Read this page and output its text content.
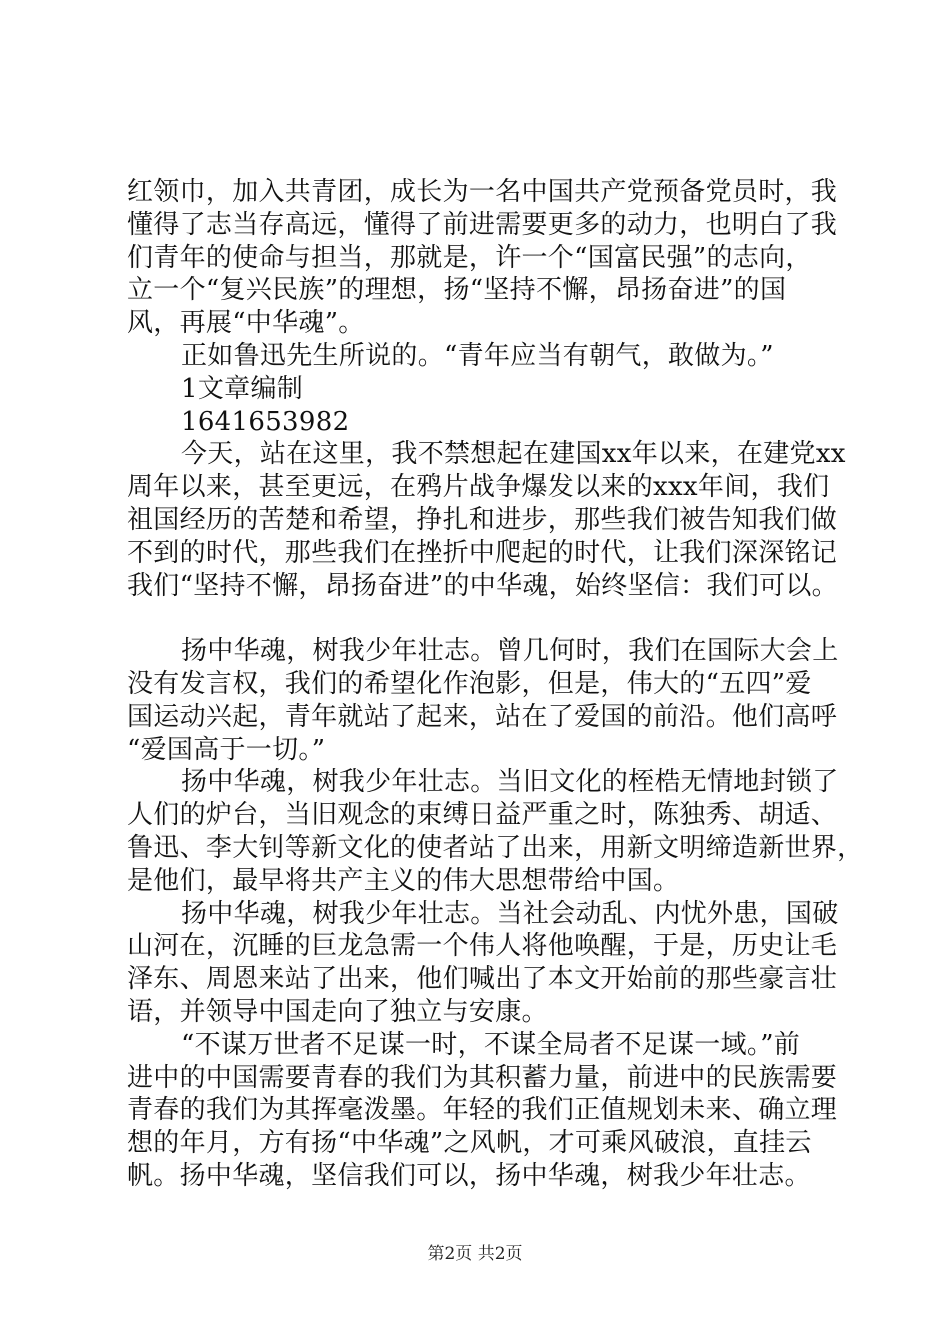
红领巾，加入共青团，成长为一名中国共产党预备党员时，我
懂得了志当存高远，懂得了前进需要更多的动力，也明白了我
们青年的使命与担当，那就是，许一个“国富民强”的志向，
立一个“复兴民族”的理想，扬“坚持不懈，昂扬奋进”的国
风，再展“中华魂”。
正如鲁迅先生所说的。“青年应当有朝气，敢做为。”
1文章编制
1641653982
今天，站在这里，我不禁想起在建国xx年以来，在建党xx
周年以来，甚至更远，在鸦片战争爆发以来的xxx年间，我们
祖国经历的苦楚和希望，挣扎和进步，那些我们被告知我们做
不到的时代，那些我们在挫折中爬起的时代，让我们深深铭记
我们“坚持不懈，昂扬奋进”的中华魂，始终坚信：我们可以。
扬中华魂，树我少年壮志。曾几何时，我们在国际大会上
没有发言权，我们的希望化作泡影，但是，伟大的“五四”爱
国运动兴起，青年就站了起来，站在了爱国的前沿。他们高呼
“爱国高于一切。”
扬中华魂，树我少年壮志。当旧文化的桎梏无情地封锁了
人们的炉台，当旧观念的束缚日益严重之时，陈独秀、胡适、
鲁迅、李大钊等新文化的使者站了出来，用新文明缔造新世界，
是他们，最早将共产主义的伟大思想带给中国。
扬中华魂，树我少年壮志。当社会动乱、内忧外患，国破
山河在，沉睡的巨龙急需一个伟人将他唤醒，于是，历史让毛
泽东、周恩来站了出来，他们喊出了本文开始前的那些豪言壮
语，并领导中国走向了独立与安康。
“不谋万世者不足谋一时，不谋全局者不足谋一域。”前
进中的中国需要青春的我们为其积蓄力量，前进中的民族需要
青春的我们为其挥毫泼墨。年轻的我们正值规划未来、确立理
想的年月，方有扬“中华魂”之风帆，才可乘风破浪，直挂云
帆。扬中华魂，坚信我们可以，扬中华魂，树我少年壮志。
第2页 共2页
